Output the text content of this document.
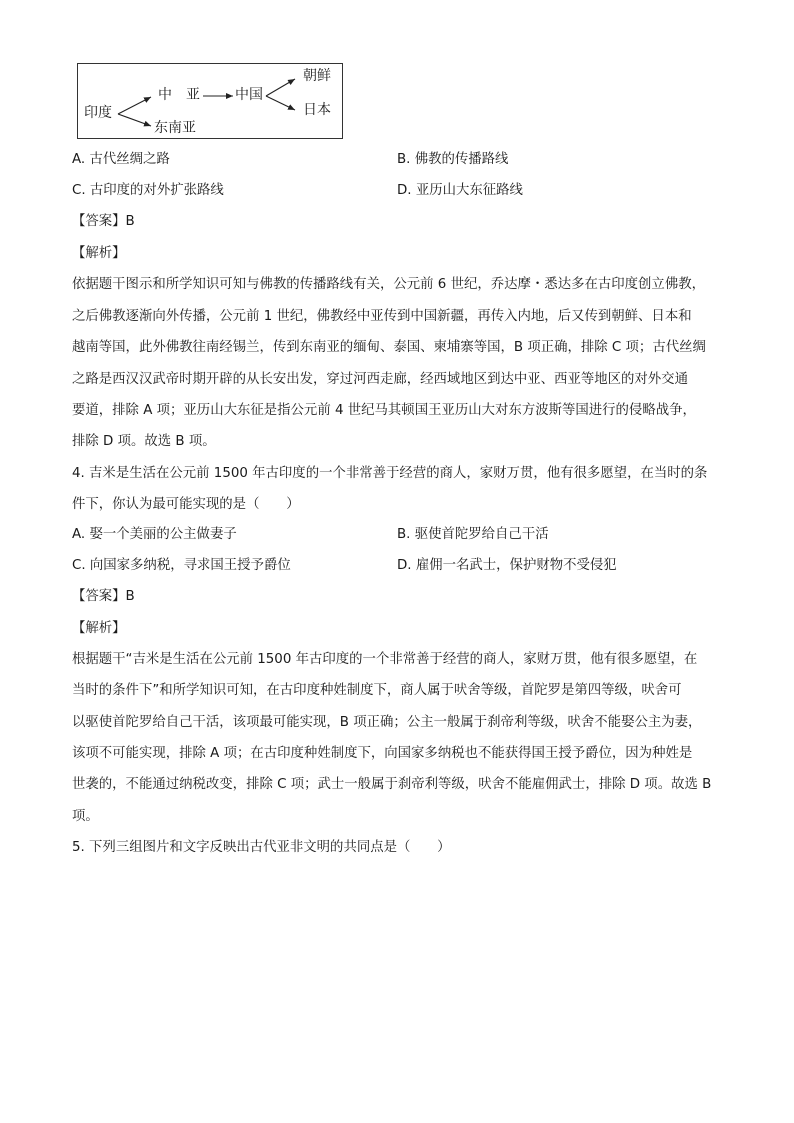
印度
中　亚	中国
东南亚
朝鲜
日本
A. 古代丝绸之路	B. 佛教的传播路线
C. 古印度的对外扩张路线	D. 亚历山大东征路线
【答案】B
【解析】
依据题干图示和所学知识可知与佛教的传播路线有关，公元前 6 世纪，乔达摩・悉达多在古印度创立佛教，
之后佛教逐渐向外传播，公元前 1 世纪，佛教经中亚传到中国新疆，再传入内地，后又传到朝鲜、日本和
越南等国，此外佛教往南经锡兰，传到东南亚的缅甸、泰国、柬埔寨等国，B 项正确，排除 C 项；古代丝绸
之路是西汉汉武帝时期开辟的从长安出发，穿过河西走廊，经西域地区到达中亚、西亚等地区的对外交通
要道，排除 A 项；亚历山大东征是指公元前 4 世纪马其顿国王亚历山大对东方波斯等国进行的侵略战争，
排除 D 项。故选 B 项。
4. 吉米是生活在公元前 1500 年古印度的一个非常善于经营的商人，家财万贯，他有很多愿望，在当时的条
件下，你认为最可能实现的是（　　）
A. 娶一个美丽的公主做妻子	B. 驱使首陀罗给自己干活
C. 向国家多纳税，寻求国王授予爵位	D. 雇佣一名武士，保护财物不受侵犯
【答案】B
【解析】
根据题干“吉米是生活在公元前 1500 年古印度的一个非常善于经营的商人，家财万贯，他有很多愿望，在
当时的条件下”和所学知识可知，在古印度种姓制度下，商人属于吠舍等级，首陀罗是第四等级，吠舍可
以驱使首陀罗给自己干活，该项最可能实现，B 项正确；公主一般属于刹帝利等级，吠舍不能娶公主为妻，
该项不可能实现，排除 A 项；在古印度种姓制度下，向国家多纳税也不能获得国王授予爵位，因为种姓是
世袭的，不能通过纳税改变，排除 C 项；武士一般属于刹帝利等级，吠舍不能雇佣武士，排除 D 项。故选 B
项。
5. 下列三组图片和文字反映出古代亚非文明的共同点是（　　）
